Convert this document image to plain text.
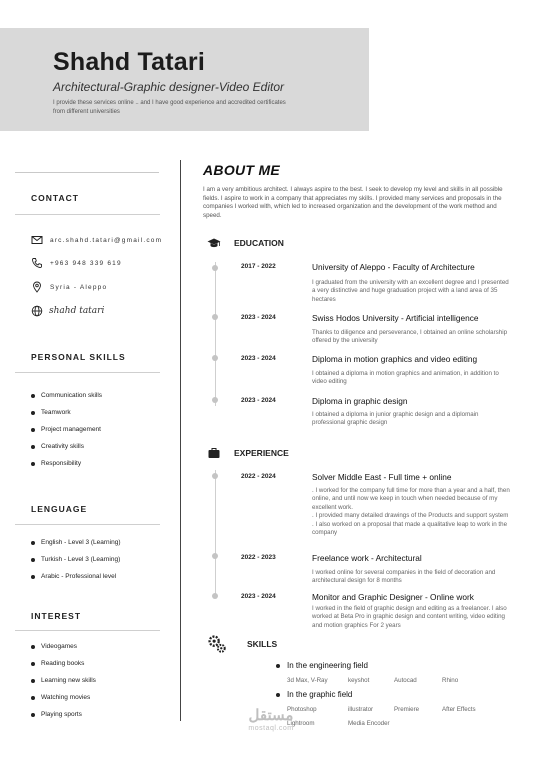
Shahd Tatari
Architectural-Graphic designer-Video Editor
I provide these services online .. and I have good experience and accredited certificates from different universities
CONTACT
arc.shahd.tatari@gmail.com
+963 948 339 619
Syria - Aleppo
shahd tatari
PERSONAL SKILLS
Communication skills
Teamwork
Project management
Creativity skills
Responsibility
LENGUAGE
English - Level 3 (Learning)
Turkish - Level 3 (Learning)
Arabic - Professional level
INTEREST
Videogames
Reading books
Learning new skills
Watching movies
Playing sports
ABOUT ME
I am a very ambitious architect. I always aspire to the best. I seek to develop my level and skills in all possible fields. I aspire to work in a company that appreciates my skills. I provided many services and proposals in the companies I worked with, which led to increased organization and the development of the work method and speed.
EDUCATION
2017 - 2022	University of Aleppo - Faculty of Architecture
I graduated from the university with an excellent degree and I presented a very distinctive and huge graduation project with a land area of 35 hectares
2023 - 2024	Swiss Hodos University - Artificial intelligence
Thanks to diligence and perseverance, I obtained an online scholarship offered by the university
2023 - 2024	Diploma in motion graphics and video editing
I obtained a diploma in motion graphics and animation, in addition to video editing
2023 - 2024	Diploma in graphic design
I obtained a diploma in junior graphic design and a diplomain professional graphic design
EXPERIENCE
2022 - 2024	Solver Middle East - Full time + online
. I worked for the company full time for more than a year and a half, then online, and until now we keep in touch when needed because of my excellent work.
. I provided many detailed drawings of the Products and support system
. I also worked on a proposal that made a qualitative leap to work in the company
2022 - 2023	Freelance work - Architectural
I worked online for several companies in the field of decoration and architectural design for 8 months
2023 - 2024	Monitor and Graphic Designer - Online work
I worked in the field of graphic design and editing as a freelancer. I also worked at Beta Pro in graphic design and content writing, video editing and motion graphics For 2 years
SKILLS
In the engineering field
3d Max, V-Ray	keyshot	Autocad	Rhino
In the graphic field
Photoshop	illustrator	Premiere	After Effects
Lightroom	Media Encoder
مستقل
mostaql.com
